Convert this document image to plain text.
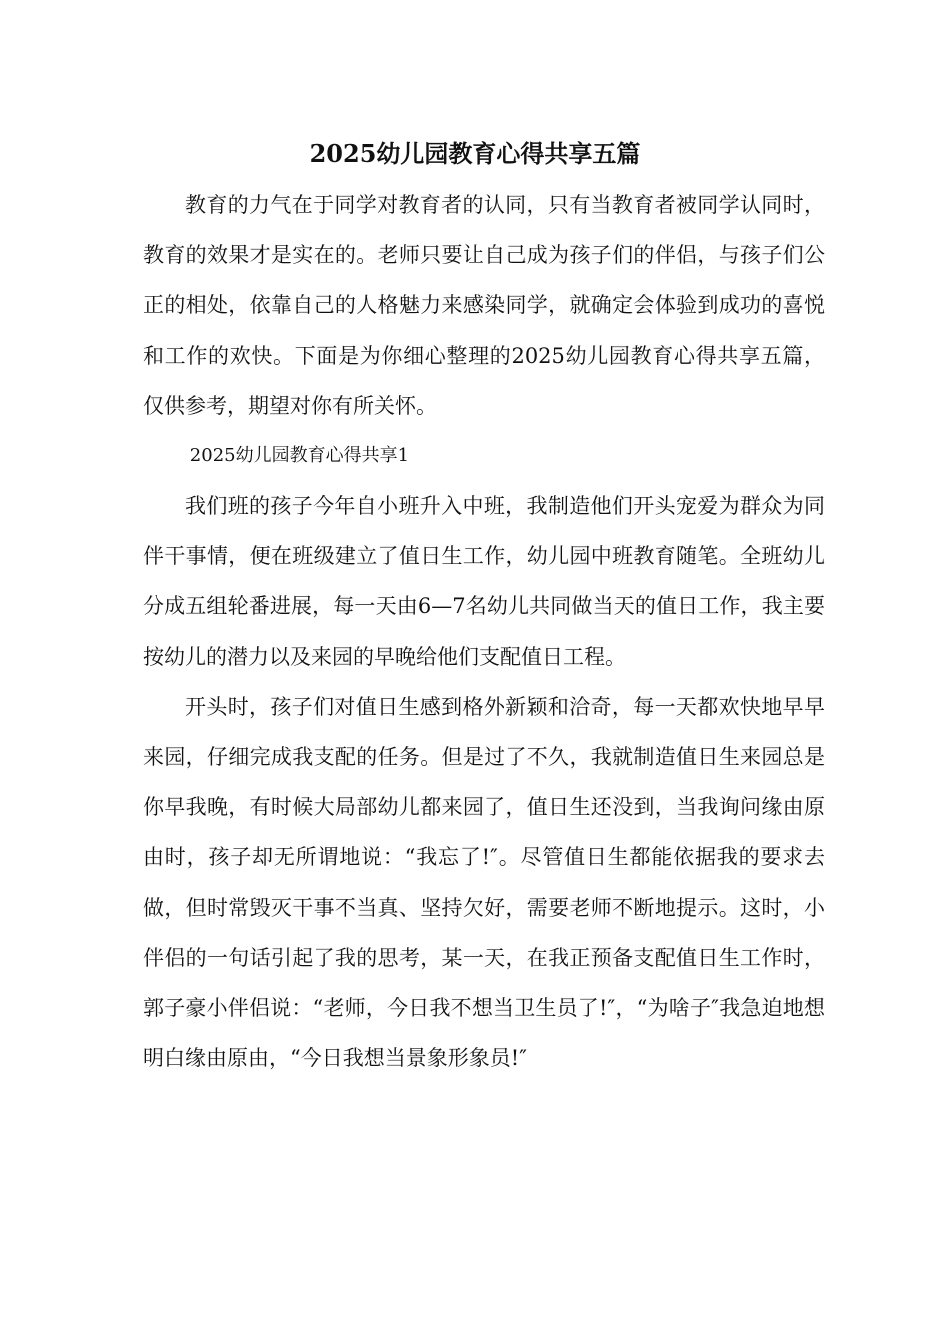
2025幼儿园教育心得共享五篇

教育的力气在于同学对教育者的认同，只有当教育者被同学认同时，教育的效果才是实在的。老师只要让自己成为孩子们的伴侣，与孩子们公正的相处，依靠自己的人格魅力来感染同学，就确定会体验到成功的喜悦和工作的欢快。下面是为你细心整理的2025幼儿园教育心得共享五篇，仅供参考，期望对你有所关怀。

2025幼儿园教育心得共享1

我们班的孩子今年自小班升入中班，我制造他们开头宠爱为群众为同伴干事情，便在班级建立了值日生工作，幼儿园中班教育随笔。全班幼儿分成五组轮番进展，每一天由6—7名幼儿共同做当天的值日工作，我主要按幼儿的潜力以及来园的早晚给他们支配值日工程。

开头时，孩子们对值日生感到格外新颖和洽奇，每一天都欢快地早早来园，仔细完成我支配的任务。但是过了不久，我就制造值日生来园总是你早我晚，有时候大局部幼儿都来园了，值日生还没到，当我询问缘由原由时，孩子却无所谓地说：“我忘了!″。尽管值日生都能依据我的要求去做，但时常毁灭干事不当真、坚持欠好，需要老师不断地提示。这时，小伴侣的一句话引起了我的思考，某一天，在我正预备支配值日生工作时，郭子豪小伴侣说：“老师，今日我不想当卫生员了!″，“为啥子″我急迫地想明白缘由原由，“今日我想当景象形象员!″
